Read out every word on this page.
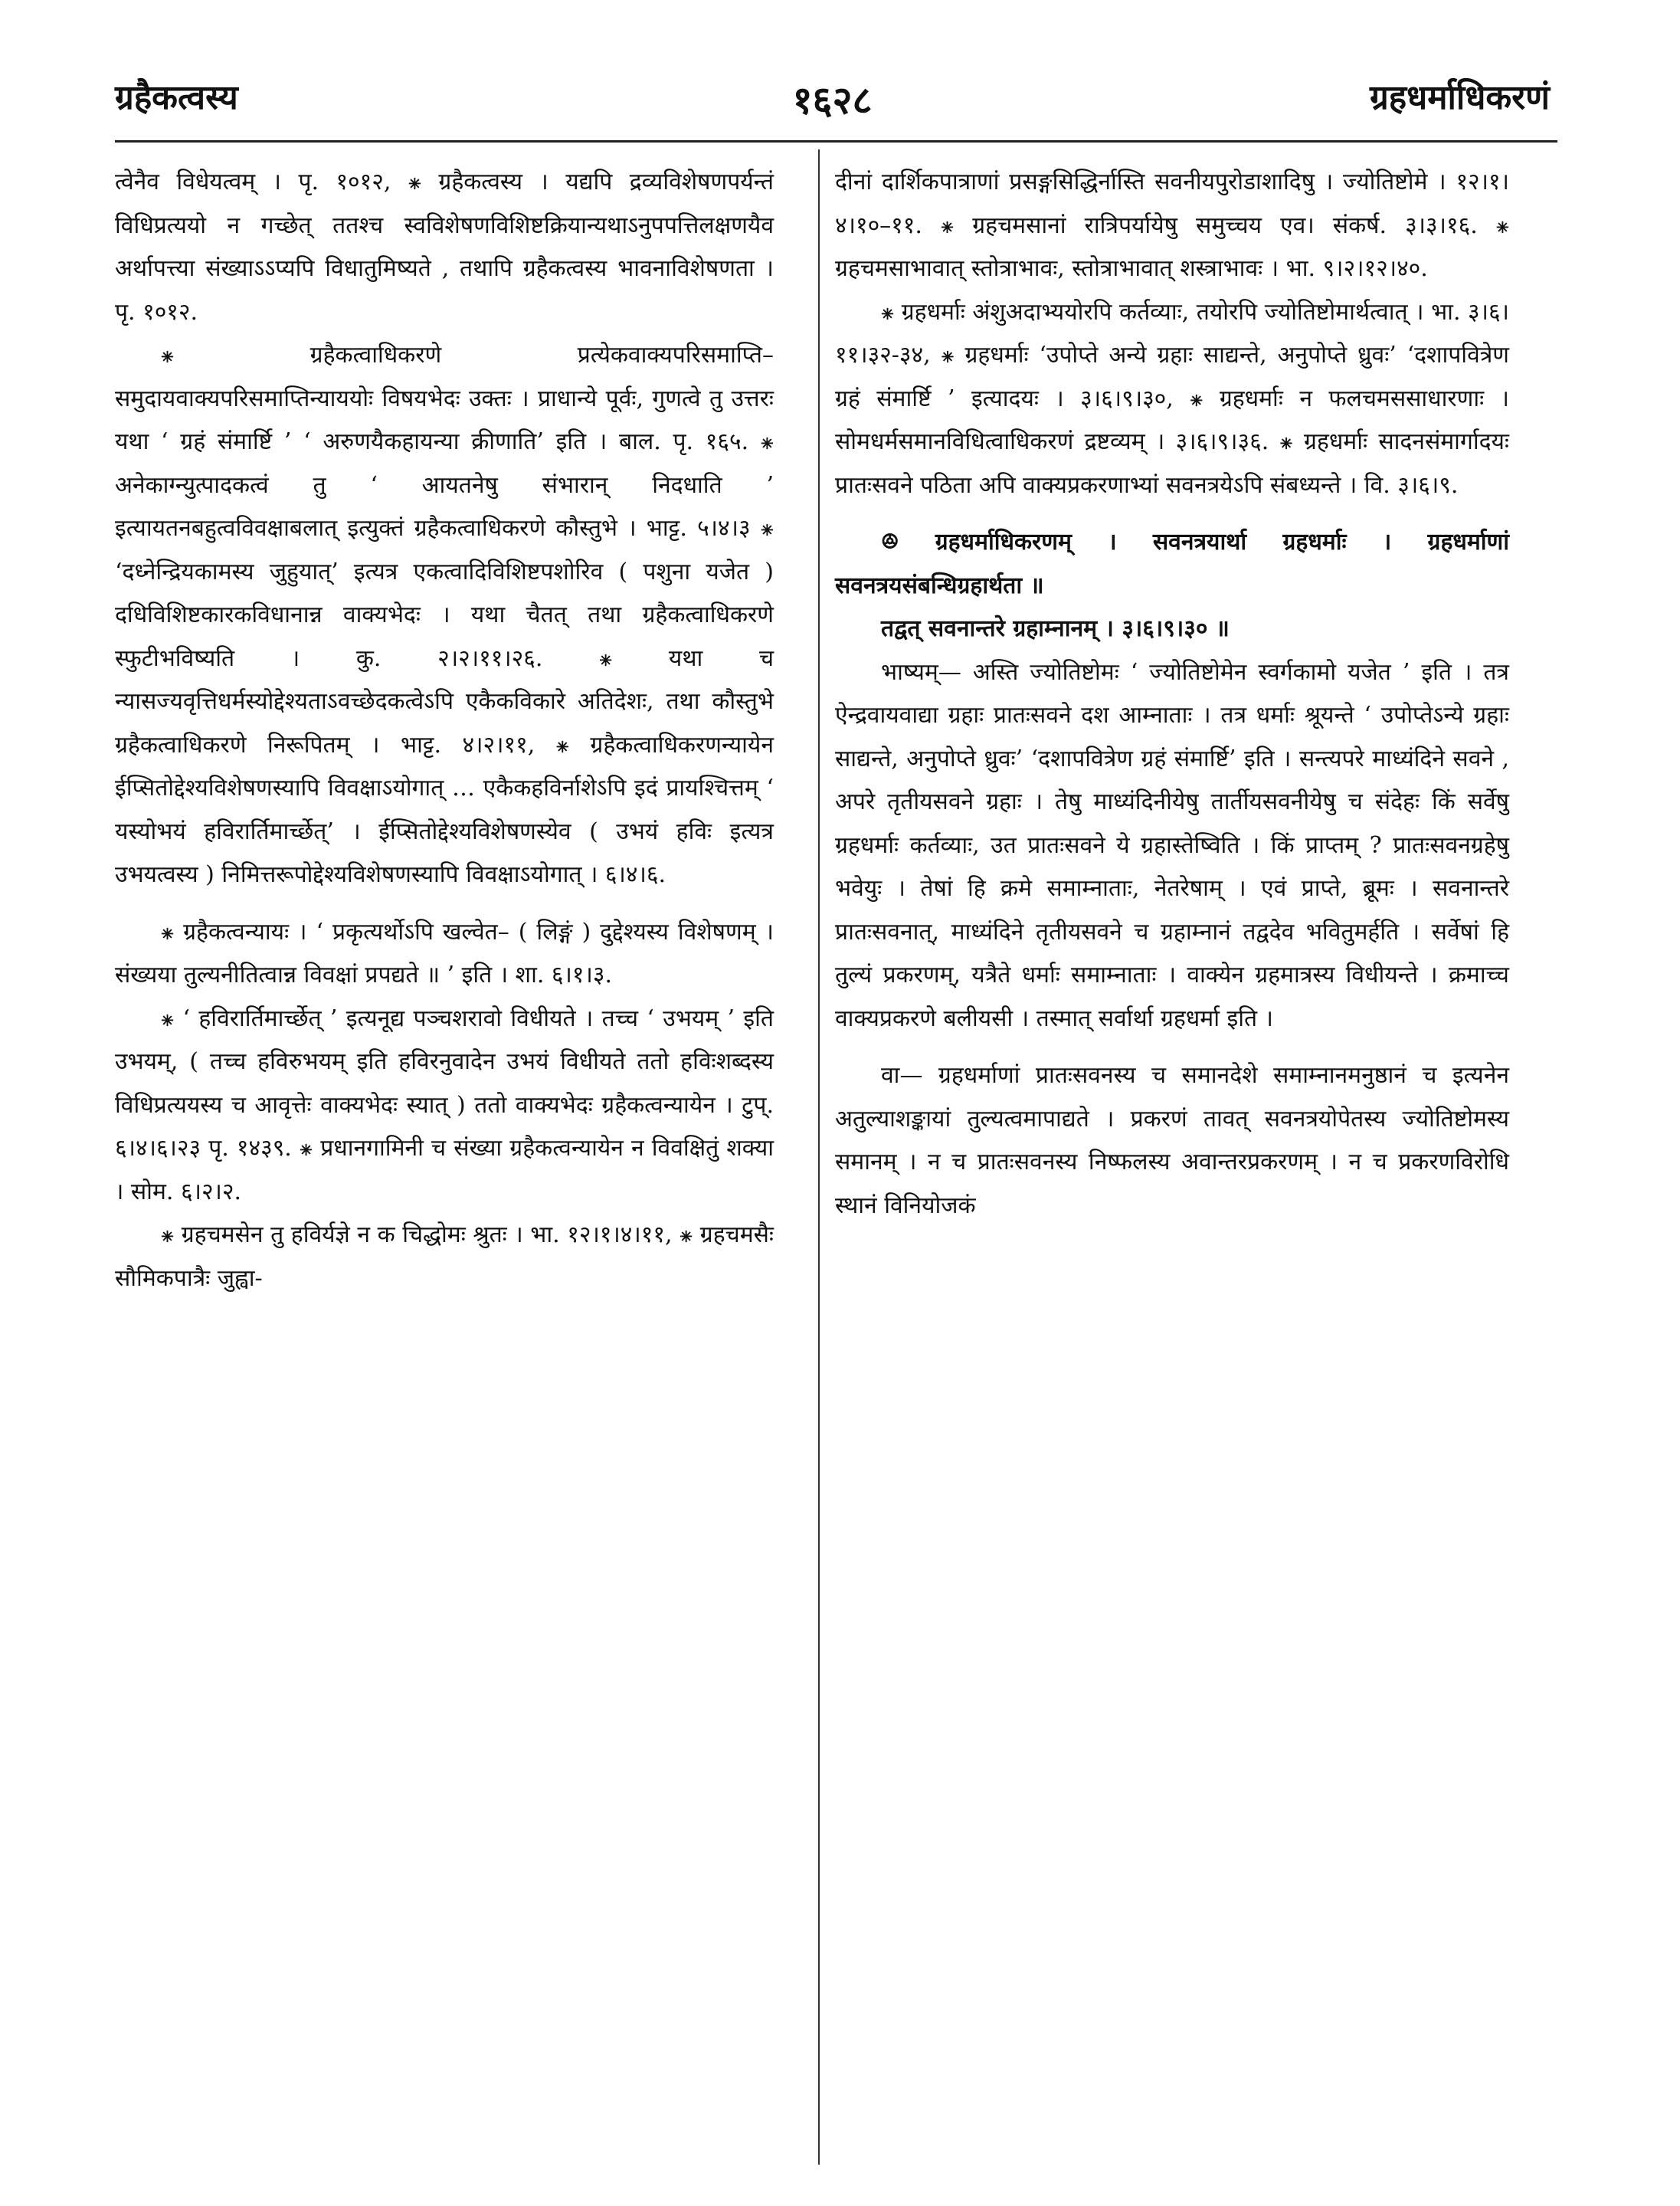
ग्रहैकत्वस्य	१६२८	ग्रहधर्माधिकरणं

त्वेनैव विधेयत्वम् । पृ. १०१२, ⁕ ग्रहैकत्वस्य । यद्यपि द्रव्यविशेषणपर्यन्तं विधिप्रत्ययो न गच्छेत् ततश्च स्वविशेषणविशिष्टक्रियान्यथाऽनुपपत्तिलक्षणयैव अर्थापत्त्या संख्याऽऽप्यपि विधातुमिष्यते , तथापि ग्रहैकत्वस्य भावनाविशेषणता । पृ. १०१२.

⁕ ग्रहैकत्वाधिकरणे प्रत्येकवाक्यपरिसमाप्ति–समुदायवाक्यपरिसमाप्तिन्याययोः विषयभेदः उक्तः । प्राधान्ये पूर्वः, गुणत्वे तु उत्तरः यथा ‘ ग्रहं संमार्ष्टि ’ ‘ अरुणयैकहायन्या क्रीणाति’ इति । बाल. पृ. १६५. ⁕ अनेकाग्न्युत्पादकत्वं तु ‘ आयतनेषु संभारान् निदधाति ’ इत्यायतनबहुत्वविवक्षाबलात् इत्युक्तं ग्रहैकत्वाधिकरणे कौस्तुभे । भाट्ट. ५।४।३ ⁕ ‘दध्नेन्द्रियकामस्य जुहुयात्’ इत्यत्र एकत्वादिविशिष्टपशोरिव ( पशुना यजेत ) दधिविशिष्टकारकविधानान्न वाक्यभेदः । यथा चैतत् तथा ग्रहैकत्वाधिकरणे स्फुटीभविष्यति । कु. २।२।११।२६. ⁕ यथा च न्यासज्यवृत्तिधर्मस्योद्देश्यताऽवच्छेदकत्वेऽपि एकैकविकारे अतिदेशः, तथा कौस्तुभे ग्रहैकत्वाधिकरणे निरूपितम् । भाट्ट. ४।२।११, ⁕ ग्रहैकत्वाधिकरणन्यायेन ईप्सितोद्देश्यविशेषणस्यापि विवक्षाऽयोगात् … एकैकहविर्नाशेऽपि इदं प्रायश्चित्तम् ‘ यस्योभयं हविरार्तिमार्च्छेत्’ । ईप्सितोद्देश्यविशेषणस्येव ( उभयं हविः इत्यत्र उभयत्वस्य ) निमित्तरूपोद्देश्यविशेषणस्यापि विवक्षाऽयोगात् । ६।४।६.

⁕ ग्रहैकत्वन्यायः । ‘ प्रकृत्यर्थोऽपि खल्वेत– ( लिङ्गं ) दुद्देश्यस्य विशेषणम् । संख्यया तुल्यनीतित्वान्न विवक्षां प्रपद्यते ॥ ’ इति । शा. ६।१।३.

⁕ ‘ हविरार्तिमार्च्छेत् ’ इत्यनूद्य पञ्चशरावो विधीयते । तच्च ‘ उभयम् ’ इति उभयम्, ( तच्च हविरुभयम् इति हविरनुवादेन उभयं विधीयते ततो हविःशब्दस्य विधिप्रत्ययस्य च आवृत्तेः वाक्यभेदः स्यात् ) ततो वाक्यभेदः ग्रहैकत्वन्यायेन । टुप्. ६।४।६।२३ पृ. १४३९. ⁕ प्रधानगामिनी च संख्या ग्रहैकत्वन्यायेन न विवक्षितुं शक्या । सोम. ६।२।२.

⁕ ग्रहचमसेन तु हविर्यज्ञे न क चिद्धोमः श्रुतः । भा. १२।१।४।११, ⁕ ग्रहचमसैः सौमिकपात्रैः जुह्वा-

दीनां दार्शिकपात्राणां प्रसङ्गसिद्धिर्नास्ति सवनीयपुरोडाशादिषु । ज्योतिष्टोमे । १२।१।४।१०–११. ⁕ ग्रहचमसानां रात्रिपर्यायेषु समुच्चय एव। संकर्ष. ३।३।१६. ⁕ ग्रहचमसाभावात् स्तोत्राभावः, स्तोत्राभावात् शस्त्राभावः । भा. ९।२।१२।४०.

⁕ ग्रहधर्माः अंशुअदाभ्ययोरपि कर्तव्याः, तयोरपि ज्योतिष्टोमार्थत्वात् । भा. ३।६।११।३२-३४, ⁕ ग्रहधर्माः ‘उपोप्ते अन्ये ग्रहाः साद्यन्ते, अनुपोप्ते ध्रुवः’ ‘दशापवित्रेण ग्रहं संमार्ष्टि ’ इत्यादयः । ३।६।९।३०, ⁕ ग्रहधर्माः न फलचमससाधारणाः । सोमधर्मसमानविधित्वाधिकरणं द्रष्टव्यम् । ३।६।९।३६. ⁕ ग्रहधर्माः सादनसंमार्गादयः प्रातःसवने पठिता अपि वाक्यप्रकरणाभ्यां सवनत्रयेऽपि संबध्यन्ते । वि. ३।६।९.

ꔮ ग्रहधर्माधिकरणम् । सवनत्रयार्था ग्रहधर्माः । ग्रहधर्माणां सवनत्रयसंबन्धिग्रहार्थता ॥

तद्वत् सवनान्तरे ग्रहाम्नानम् । ३।६।९।३० ॥

भाष्यम्— अस्ति ज्योतिष्टोमः ‘ ज्योतिष्टोमेन स्वर्गकामो यजेत ’ इति । तत्र ऐन्द्रवायवाद्या ग्रहाः प्रातःसवने दश आम्नाताः । तत्र धर्माः श्रूयन्ते ‘ उपोप्तेऽन्ये ग्रहाः साद्यन्ते, अनुपोप्ते ध्रुवः’ ‘दशापवित्रेण ग्रहं संमार्ष्टि’ इति । सन्त्यपरे माध्यंदिने सवने , अपरे तृतीयसवने ग्रहाः । तेषु माध्यंदिनीयेषु तार्तीयसवनीयेषु च संदेहः किं सर्वेषु ग्रहधर्माः कर्तव्याः, उत प्रातःसवने ये ग्रहास्तेष्विति । किं प्राप्तम् ? प्रातःसवनग्रहेषु भवेयुः । तेषां हि क्रमे समाम्नाताः, नेतरेषाम् । एवं प्राप्ते, ब्रूमः । सवनान्तरे प्रातःसवनात्, माध्यंदिने तृतीयसवने च ग्रहाम्नानं तद्वदेव भवितुमर्हति । सर्वेषां हि तुल्यं प्रकरणम्, यत्रैते धर्माः समाम्नाताः । वाक्येन ग्रहमात्रस्य विधीयन्ते । क्रमाच्च वाक्यप्रकरणे बलीयसी । तस्मात् सर्वार्था ग्रहधर्मा इति ।

वा— ग्रहधर्माणां प्रातःसवनस्य च समानदेशे समाम्नानमनुष्ठानं च इत्यनेन अतुल्याशङ्कायां तुल्यत्वमापाद्यते । प्रकरणं तावत् सवनत्रयोपेतस्य ज्योतिष्टोमस्य समानम् । न च प्रातःसवनस्य निष्फलस्य अवान्तरप्रकरणम् । न च प्रकरणविरोधि स्थानं विनियोजकं
